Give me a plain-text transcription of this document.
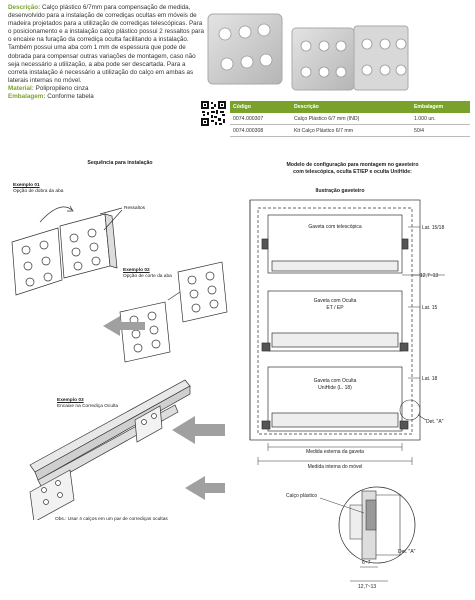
Descrição: Calço plástico 6/7mm para compensação de medida, desenvolvido para a instalação de corrediças ocultas em móveis de madeira projetados para a utilização de corrediças telescópicas. Para o posicionamento e a instalação calço plástico possui 2 ressaltos para o encaixe na furação da corrediça oculta facilitando a instalação. Também possui uma aba com 1 mm de espessura que pode de dobrada para compensar outras variações de montagem, caso não seja necessário a utilização, a aba pode ser descartada. Para a correta instalação é necessário a utilização do calço em ambas as laterais internas no móvel.

Material: Polipropileno cinza

Embalagem: Conforme tabela

Código	Descrição	Embalagem
0074.000307	Calço Plástico 6/7 mm (IND)	1.000 un.
0074.000308	Kit Calço Plástico 6/7 mm	50/4
Sequência para instalação
Exemplo 01
Opção de dobra da aba
Ressaltos
Exemplo 02
Opção de corte da aba
Exemplo 03
Encaixe na Corrediça Oculta
Obs.: Usar 4 calços em um par de corrediças ocultas
Modelo de configuração para montagem no gaveteiro
com telescópica, oculta ET/EP e oculta UniHide:
Ilustração gaveteiro
Gaveta com telescópica
Gaveta com Oculta
ET / EP
Gaveta com Oculta
UniHide (L. 18)
Lat. 15/18
12,7~13
Lat. 15
Lat. 18
Det. "A"
Medida externa da gaveta
Medida interna do móvel
Calço plástico
Det. "A"
6~7
12,7~13
